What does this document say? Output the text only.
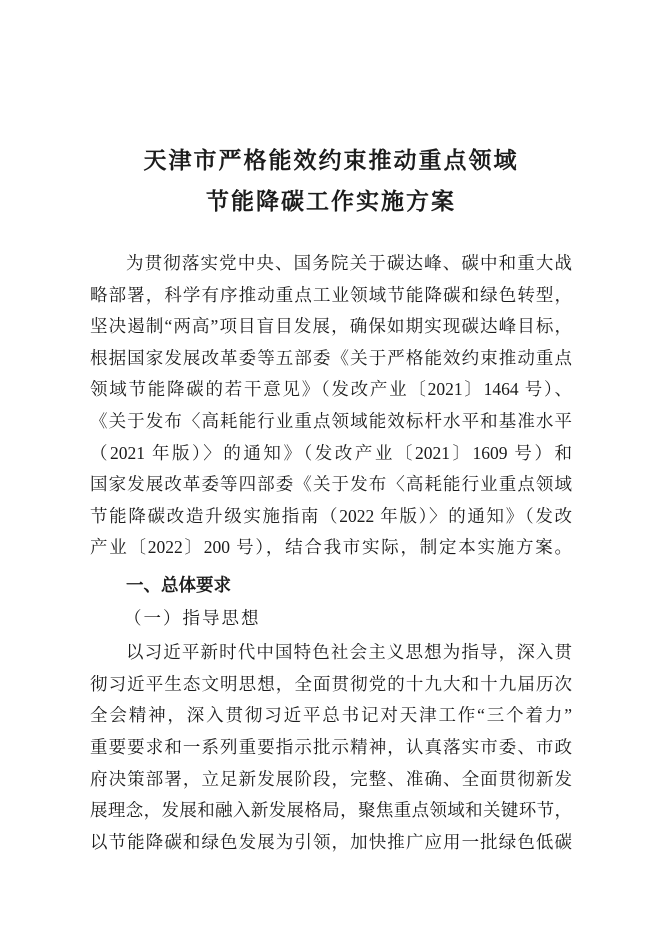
天津市严格能效约束推动重点领域
节能降碳工作实施方案
为贯彻落实党中央、国务院关于碳达峰、碳中和重大战
略部署，科学有序推动重点工业领域节能降碳和绿色转型，
坚决遏制“两高”项目盲目发展，确保如期实现碳达峰目标，
根据国家发展改革委等五部委《关于严格能效约束推动重点
领域节能降碳的若干意见》（发改产业〔2021〕1464 号）、
《关于发布〈高耗能行业重点领域能效标杆水平和基准水平
（2021 年版）〉的通知》（发改产业〔2021〕1609 号）和
国家发展改革委等四部委《关于发布〈高耗能行业重点领域
节能降碳改造升级实施指南（2022 年版）〉的通知》（发改
产业〔2022〕200 号），结合我市实际，制定本实施方案。
一、总体要求
（一）指导思想
以习近平新时代中国特色社会主义思想为指导，深入贯
彻习近平生态文明思想，全面贯彻党的十九大和十九届历次
全会精神，深入贯彻习近平总书记对天津工作“三个着力”
重要要求和一系列重要指示批示精神，认真落实市委、市政
府决策部署，立足新发展阶段，完整、准确、全面贯彻新发
展理念，发展和融入新发展格局，聚焦重点领域和关键环节，
以节能降碳和绿色发展为引领，加快推广应用一批绿色低碳
